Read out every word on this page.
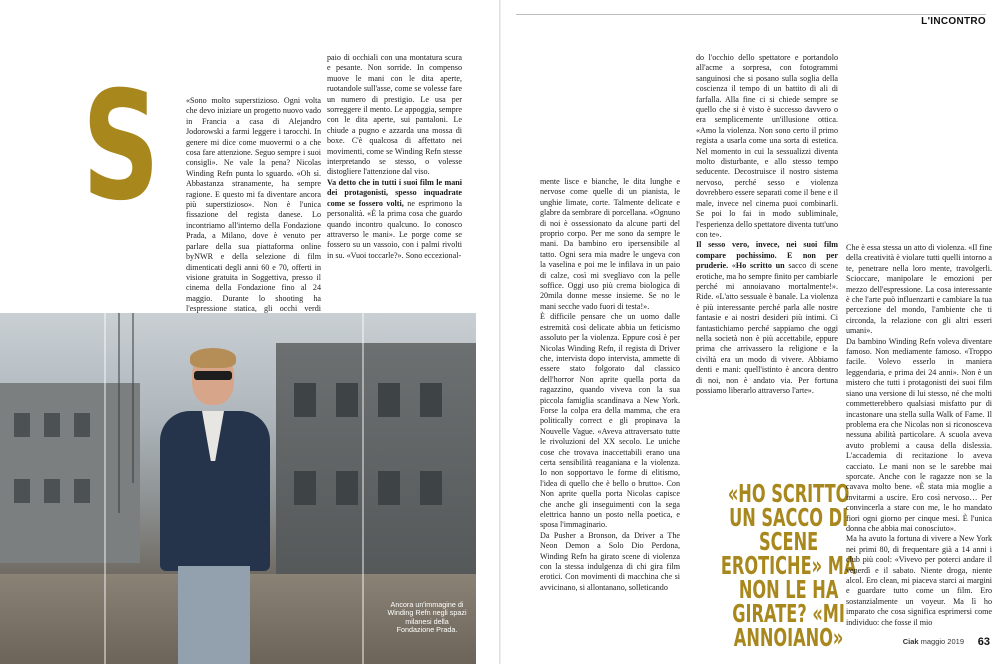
L'INCONTRO
S	«Sono molto superstizioso. Ogni volta che devo iniziare un progetto nuovo vado in Francia a casa di Alejandro Jodorowski a farmi leggere i tarocchi. In genere mi dice come muovermi o a che cosa fare attenzione. Seguo sempre i suoi consigli». Ne vale la pena? Nicolas Winding Refn punta lo sguardo. «Oh sì. Abbastanza stranamente, ha sempre ragione. E questo mi fa diventare ancora più superstizioso». Non è l'unica fissazione del regista danese. Lo incontriamo all'interno della Fondazione Prada, a Milano, dove è venuto per parlare della sua piattaforma online byNWR e della selezione di film dimenticati degli anni 60 e 70, offerti in visione gratuita in Soggettiva, presso il cinema della Fondazione fino al 24 maggio. Durante lo shooting ha l'espressione statica, gli occhi verdi

paio di occhiali con una montatura scura e pesante. Non sorride. In compenso muove le mani con le dita aperte, ruotandole sull'asse, come se volesse fare un numero di prestigio. Le usa per sorreggere il mento. Le appoggia, sempre con le dita aperte, sui pantaloni. Le chiude a pugno e azzarda una mossa di boxe. C'è qualcosa di affettato nei movimenti, come se Winding Refn stesse interpretando se stesso, o volesse distogliere l'attenzione dal viso.

Va detto che in tutti i suoi film le mani dei protagonisti, spesso inquadrate come se fossero volti, ne esprimono la personalità. «È la prima cosa che guardo quando incontro qualcuno. Io conosco attraverso le mani». Le porge come se fossero su un vassoio, con i palmi rivolti in su. «Vuoi toccarle?». Sono eccezional-

Ancora un'immagine di Winding Refn negli spazi milanesi della Fondazione Prada.

mente lisce e bianche, le dita lunghe e nervose come quelle di un pianista, le unghie limate, corte. Talmente delicate e glabre da sembrare di porcellana. «Ognuno di noi è ossessionato da alcune parti del proprio corpo. Per me sono da sempre le mani. Da bambino ero ipersensibile al tatto. Ogni sera mia madre le ungeva con la vaselina e poi me le infilava in un paio di calze, così mi svegliavo con la pelle soffice. Oggi uso più crema biologica di 20mila donne messe insieme. Se no le mani secche vado fuori di testa!».

È difficile pensare che un uomo dalle estremità così delicate abbia un feticismo assoluto per la violenza. Eppure così è per Nicolas Winding Refn, il regista di Driver che, intervista dopo intervista, ammette di essere stato folgorato dal classico dell'horror Non aprite quella porta da ragazzino, quando viveva con la sua piccola famiglia scandinava a New York. Forse la colpa era della mamma, che era politically correct e gli propinava la Nouvelle Vague. «Aveva attraversato tutte le rivoluzioni del XX secolo. Le uniche cose che trovava inaccettabili erano una certa sensibilità reaganiana e la violenza. Io non sopportavo le forme di elitismo, l'idea di quello che è bello o brutto». Con Non aprite quella porta Nicolas capisce che anche gli inseguimenti con la sega elettrica hanno un posto nella poetica, e sposa l'immaginario.

Da Pusher a Bronson, da Driver a The Neon Demon a Solo Dio Perdona, Winding Refn ha girato scene di violenza con la stessa indulgenza di chi gira film erotici. Con movimenti di macchina che si avvicinano, si allontanano, solleticando

do l'occhio dello spettatore e portandolo all'acme a sorpresa, con fotogrammi sanguinosi che si posano sulla soglia della coscienza il tempo di un battito di ali di farfalla. Alla fine ci si chiede sempre se quello che si è visto è successo davvero o era semplicemente un'illusione ottica. «Amo la violenza. Non sono certo il primo regista a usarla come una sorta di estetica. Nel momento in cui la sessualizzi diventa molto disturbante, e allo stesso tempo seducente. Decostruisce il nostro sistema nervoso, perché sesso e violenza dovrebbero essere separati come il bene e il male, invece nel cinema puoi combinarli. Se poi lo fai in modo subliminale, l'esperienza dello spettatore diventa tutt'uno con te».

Il sesso vero, invece, nei suoi film compare pochissimo. E non per pruderie. «Ho scritto un sacco di scene erotiche, ma ho sempre finito per cambiarle perché mi annoiavano mortalmente!». Ride. «L'atto sessuale è banale. La violenza è più interessante perché parla alle nostre fantasie e ai nostri desideri più intimi. Ci fantastichiamo perché sappiamo che oggi nella società non è più accettabile, eppure prima che arrivassero la religione e la civiltà era un modo di vivere. Abbiamo denti e mani: quell'istinto è ancora dentro di noi, non è andato via. Per fortuna possiamo liberarlo attraverso l'arte».

«HO SCRITTO UN SACCO DI SCENE EROTICHE» MA NON LE HA GIRATE? «MI ANNOIANO»

Che è essa stessa un atto di violenza. «Il fine della creatività è violare tutti quelli intorno a te, penetrare nella loro mente, travolgerli. Scioccare, manipolare le emozioni per mezzo dell'espressione. La cosa interessante è che l'arte può influenzarti e cambiare la tua percezione del mondo, l'ambiente che ti circonda, la relazione con gli altri esseri umani».

Da bambino Winding Refn voleva diventare famoso. Non mediamente famoso. «Troppo facile. Volevo esserlo in maniera leggendaria, e prima dei 24 anni». Non è un mistero che tutti i protagonisti dei suoi film siano una versione di lui stesso, né che molti commetterebbero qualsiasi misfatto pur di incastonare una stella sulla Walk of Fame. Il problema era che Nicolas non si riconosceva nessuna abilità particolare. A scuola aveva avuto problemi a causa della dislessia. L'accademia di recitazione lo aveva cacciato. Le mani non se le sarebbe mai sporcate. Anche con le ragazze non se la cavava molto bene. «È stata mia moglie a invitarmi a uscire. Ero così nervoso… Per convincerla a stare con me, le ho mandato fiori ogni giorno per cinque mesi. È l'unica donna che abbia mai conosciuto».

Ma ha avuto la fortuna di vivere a New York nei primi 80, di frequentare già a 14 anni i club più cool: «Vivevo per poterci andare il venerdì e il sabato. Niente droga, niente alcol. Ero clean, mi piaceva starci ai margini e guardare tutto come un film. Ero sostanzialmente un voyeur. Ma lì ho imparato che cosa significa esprimersi come individuo: che fosse il mio

Ciak maggio 2019 63
